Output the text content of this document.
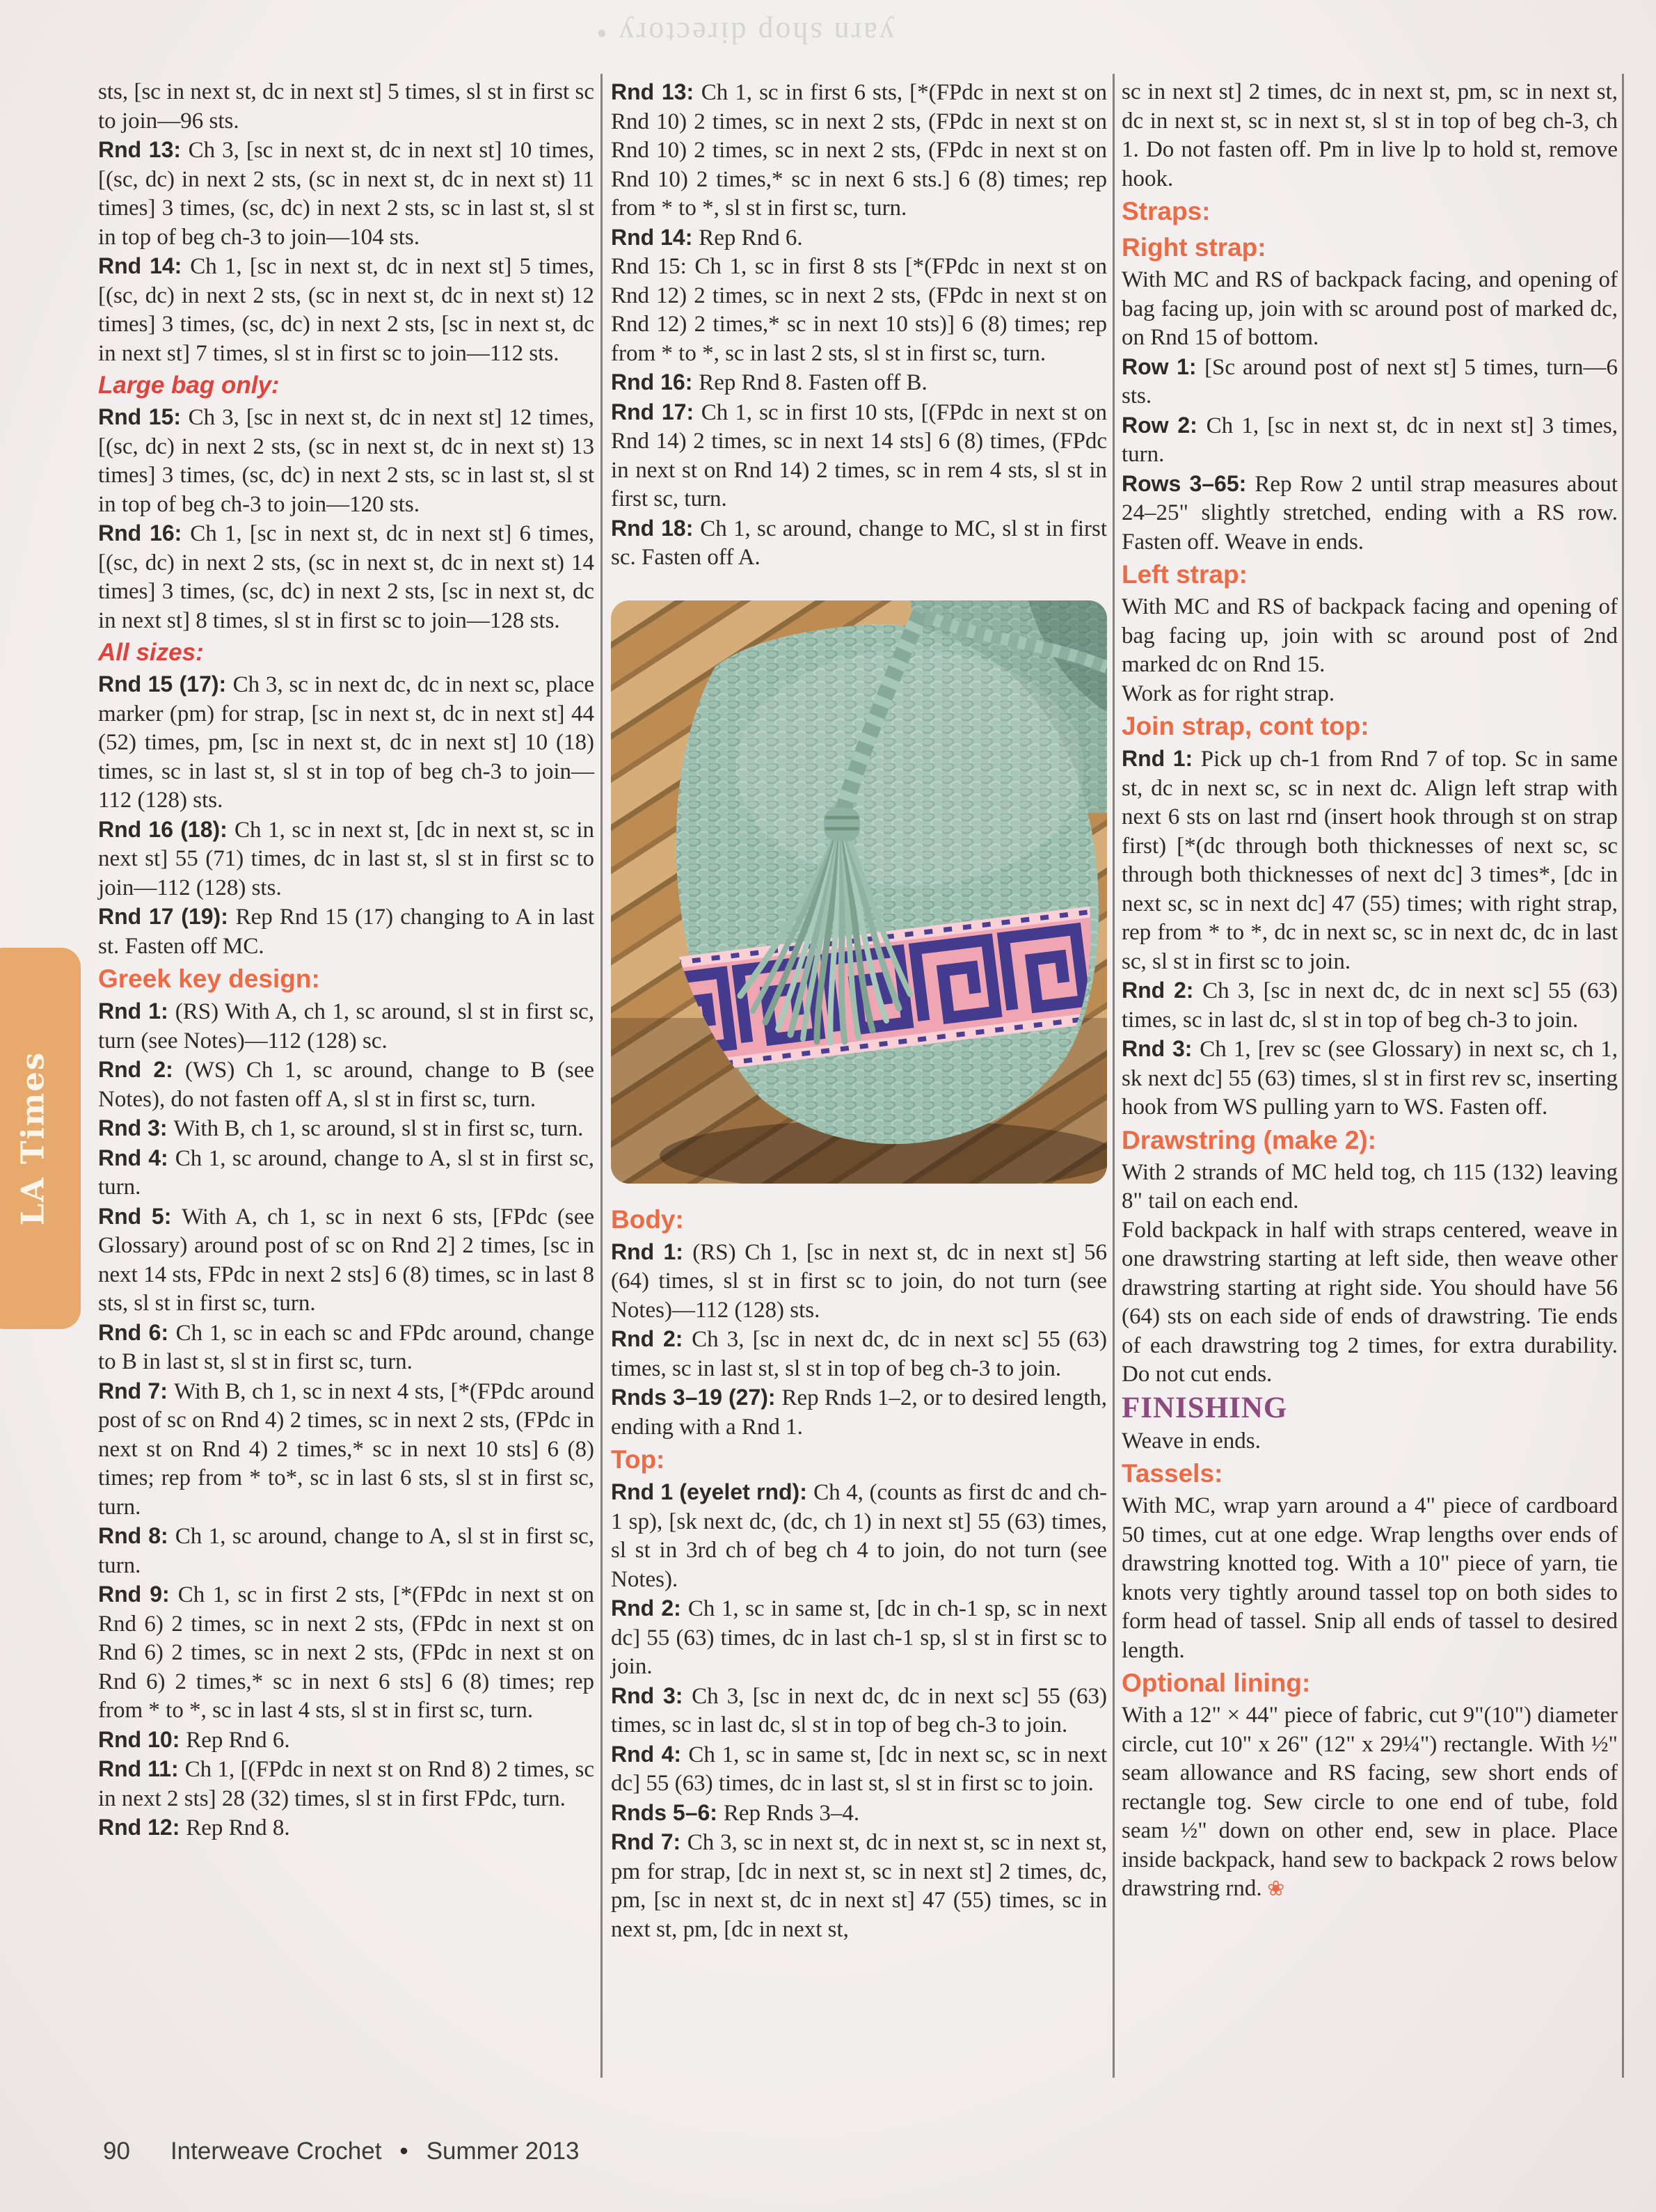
yarn shop directory •
LA Times

sts, [sc in next st, dc in next st] 5 times, sl st in first sc to join—96 sts.

Rnd 13: Ch 3, [sc in next st, dc in next st] 10 times, [(sc, dc) in next 2 sts, (sc in next st, dc in next st) 11 times] 3 times, (sc, dc) in next 2 sts, sc in last st, sl st in top of beg ch-3 to join—104 sts.

Rnd 14: Ch 1, [sc in next st, dc in next st] 5 times, [(sc, dc) in next 2 sts, (sc in next st, dc in next st) 12 times] 3 times, (sc, dc) in next 2 sts, [sc in next st, dc in next st] 7 times, sl st in first sc to join—112 sts.

Large bag only:

Rnd 15: Ch 3, [sc in next st, dc in next st] 12 times, [(sc, dc) in next 2 sts, (sc in next st, dc in next st) 13 times] 3 times, (sc, dc) in next 2 sts, sc in last st, sl st in top of beg ch-3 to join—120 sts.

Rnd 16: Ch 1, [sc in next st, dc in next st] 6 times, [(sc, dc) in next 2 sts, (sc in next st, dc in next st) 14 times] 3 times, (sc, dc) in next 2 sts, [sc in next st, dc in next st] 8 times, sl st in first sc to join—128 sts.

All sizes:

Rnd 15 (17): Ch 3, sc in next dc, dc in next sc, place marker (pm) for strap, [sc in next st, dc in next st] 44 (52) times, pm, [sc in next st, dc in next st] 10 (18) times, sc in last st, sl st in top of beg ch-3 to join—112 (128) sts.

Rnd 16 (18): Ch 1, sc in next st, [dc in next st, sc in next st] 55 (71) times, dc in last st, sl st in first sc to join—112 (128) sts.

Rnd 17 (19): Rep Rnd 15 (17) changing to A in last st. Fasten off MC.

Greek key design:

Rnd 1: (RS) With A, ch 1, sc around, sl st in first sc, turn (see Notes)—112 (128) sc.

Rnd 2: (WS) Ch 1, sc around, change to B (see Notes), do not fasten off A, sl st in first sc, turn.

Rnd 3: With B, ch 1, sc around, sl st in first sc, turn.

Rnd 4: Ch 1, sc around, change to A, sl st in first sc, turn.

Rnd 5: With A, ch 1, sc in next 6 sts, [FPdc (see Glossary) around post of sc on Rnd 2] 2 times, [sc in next 14 sts, FPdc in next 2 sts] 6 (8) times, sc in last 8 sts, sl st in first sc, turn.

Rnd 6: Ch 1, sc in each sc and FPdc around, change to B in last st, sl st in first sc, turn.

Rnd 7: With B, ch 1, sc in next 4 sts, [*(FPdc around post of sc on Rnd 4) 2 times, sc in next 2 sts, (FPdc in next st on Rnd 4) 2 times,* sc in next 10 sts] 6 (8) times; rep from * to*, sc in last 6 sts, sl st in first sc, turn.

Rnd 8: Ch 1, sc around, change to A, sl st in first sc, turn.

Rnd 9: Ch 1, sc in first 2 sts, [*(FPdc in next st on Rnd 6) 2 times, sc in next 2 sts, (FPdc in next st on Rnd 6) 2 times, sc in next 2 sts, (FPdc in next st on Rnd 6) 2 times,* sc in next 6 sts] 6 (8) times; rep from * to *, sc in last 4 sts, sl st in first sc, turn.

Rnd 10: Rep Rnd 6.

Rnd 11: Ch 1, [(FPdc in next st on Rnd 8) 2 times, sc in next 2 sts] 28 (32) times, sl st in first FPdc, turn.

Rnd 12: Rep Rnd 8.

Rnd 13: Ch 1, sc in first 6 sts, [*(FPdc in next st on Rnd 10) 2 times, sc in next 2 sts, (FPdc in next st on Rnd 10) 2 times, sc in next 2 sts, (FPdc in next st on Rnd 10) 2 times,* sc in next 6 sts.] 6 (8) times; rep from * to *, sl st in first sc, turn.

Rnd 14: Rep Rnd 6.

Rnd 15: Ch 1, sc in first 8 sts [*(FPdc in next st on Rnd 12) 2 times, sc in next 2 sts, (FPdc in next st on Rnd 12) 2 times,* sc in next 10 sts)] 6 (8) times; rep from * to *, sc in last 2 sts, sl st in first sc, turn.

Rnd 16: Rep Rnd 8. Fasten off B.

Rnd 17: Ch 1, sc in first 10 sts, [(FPdc in next st on Rnd 14) 2 times, sc in next 14 sts] 6 (8) times, (FPdc in next st on Rnd 14) 2 times, sc in rem 4 sts, sl st in first sc, turn.

Rnd 18: Ch 1, sc around, change to MC, sl st in first sc. Fasten off A.

Body:

Rnd 1: (RS) Ch 1, [sc in next st, dc in next st] 56 (64) times, sl st in first sc to join, do not turn (see Notes)—112 (128) sts.

Rnd 2: Ch 3, [sc in next dc, dc in next sc] 55 (63) times, sc in last st, sl st in top of beg ch-3 to join.

Rnds 3–19 (27): Rep Rnds 1–2, or to desired length, ending with a Rnd 1.

Top:

Rnd 1 (eyelet rnd): Ch 4, (counts as first dc and ch-1 sp), [sk next dc, (dc, ch 1) in next st] 55 (63) times, sl st in 3rd ch of beg ch 4 to join, do not turn (see Notes).

Rnd 2: Ch 1, sc in same st, [dc in ch-1 sp, sc in next dc] 55 (63) times, dc in last ch-1 sp, sl st in first sc to join.

Rnd 3: Ch 3, [sc in next dc, dc in next sc] 55 (63) times, sc in last dc, sl st in top of beg ch-3 to join.

Rnd 4: Ch 1, sc in same st, [dc in next sc, sc in next dc] 55 (63) times, dc in last st, sl st in first sc to join.

Rnds 5–6: Rep Rnds 3–4.

Rnd 7: Ch 3, sc in next st, dc in next st, sc in next st, pm for strap, [dc in next st, sc in next st] 2 times, dc, pm, [sc in next st, dc in next st] 47 (55) times, sc in next st, pm, [dc in next st,

sc in next st] 2 times, dc in next st, pm, sc in next st, dc in next st, sc in next st, sl st in top of beg ch-3, ch 1. Do not fasten off. Pm in live lp to hold st, remove hook.

Straps:
Right strap:

With MC and RS of backpack facing, and opening of bag facing up, join with sc around post of marked dc, on Rnd 15 of bottom.

Row 1: [Sc around post of next st] 5 times, turn—6 sts.

Row 2: Ch 1, [sc in next st, dc in next st] 3 times, turn.

Rows 3–65: Rep Row 2 until strap measures about 24–25" slightly stretched, ending with a RS row. Fasten off. Weave in ends.

Left strap:

With MC and RS of backpack facing and opening of bag facing up, join with sc around post of 2nd marked dc on Rnd 15.

Work as for right strap.

Join strap, cont top:

Rnd 1: Pick up ch-1 from Rnd 7 of top. Sc in same st, dc in next sc, sc in next dc. Align left strap with next 6 sts on last rnd (insert hook through st on strap first) [*(dc through both thicknesses of next sc, sc through both thicknesses of next dc] 3 times*, [dc in next sc, sc in next dc] 47 (55) times; with right strap, rep from * to *, dc in next sc, sc in next dc, dc in last sc, sl st in first sc to join.

Rnd 2: Ch 3, [sc in next dc, dc in next sc] 55 (63) times, sc in last dc, sl st in top of beg ch-3 to join.

Rnd 3: Ch 1, [rev sc (see Glossary) in next sc, ch 1, sk next dc] 55 (63) times, sl st in first rev sc, inserting hook from WS pulling yarn to WS. Fasten off.

Drawstring (make 2):

With 2 strands of MC held tog, ch 115 (132) leaving 8" tail on each end.

Fold backpack in half with straps centered, weave in one drawstring starting at left side, then weave other drawstring starting at right side. You should have 56 (64) sts on each side of ends of drawstring. Tie ends of each drawstring tog 2 times, for extra durability. Do not cut ends.

FINISHING

Weave in ends.

Tassels:

With MC, wrap yarn around a 4" piece of cardboard 50 times, cut at one edge. Wrap lengths over ends of drawstring knotted tog. With a 10" piece of yarn, tie knots very tightly around tassel top on both sides to form head of tassel. Snip all ends of tassel to desired length.

Optional lining:

With a 12" × 44" piece of fabric, cut 9"(10") diameter circle, cut 10" x 26" (12" x 29¼") rectangle. With ½" seam allowance and RS facing, sew short ends of rectangle tog. Sew circle to one end of tube, fold seam ½" down on other end, sew in place. Place inside backpack, hand sew to backpack 2 rows below drawstring rnd. ❀

90 Interweave Crochet • Summer 2013
